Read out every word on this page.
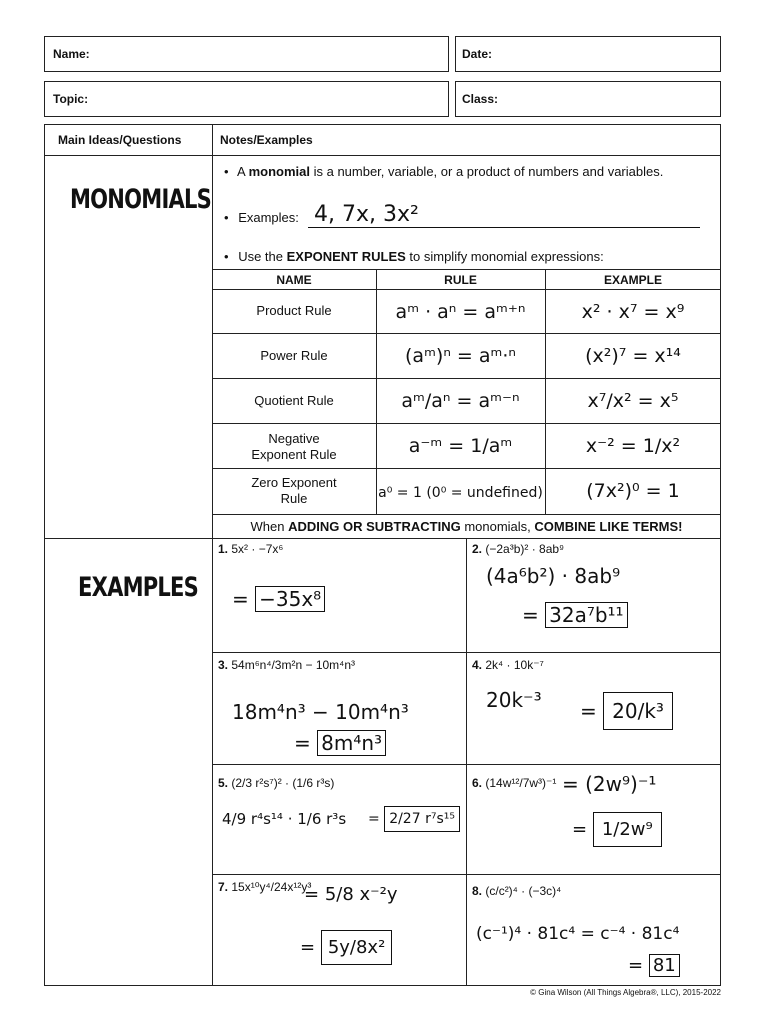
Name:	Date:
Topic:	Class:
Main Ideas/Questions	Notes/Examples
MONOMIALS
• A monomial is a number, variable, or a product of numbers and variables.
• Examples: 4, 7x, 3x²
• Use the EXPONENT RULES to simplify monomial expressions:
NAME	RULE	EXAMPLE
Product Rule	aᵐ · aⁿ = aᵐ⁺ⁿ	x² · x⁷ = x⁹
Power Rule	(aᵐ)ⁿ = aᵐ·ⁿ	(x²)⁷ = x¹⁴
Quotient Rule	aᵐ/aⁿ = aᵐ⁻ⁿ	x⁷/x² = x⁵
Negative Exponent Rule	a⁻ᵐ = 1/aᵐ	x⁻² = 1/x²
Zero Exponent Rule	a⁰ = 1 (0⁰ = undefined)	(7x²)⁰ = 1
When ADDING OR SUBTRACTING monomials, COMBINE LIKE TERMS!
EXAMPLES
1. 5x² · −7x⁶
= −35x⁸
2. (−2a³b)² · 8ab⁹
(4a⁶b²) · 8ab⁹
= 32a⁷b¹¹
3. 54m⁶n⁴/3m²n − 10m⁴n³
18m⁴n³ − 10m⁴n³
= 8m⁴n³
4. 2k⁴ · 10k⁻⁷
20k⁻³ = 20/k³
5. (2/3 r²s⁷)² · (1/6 r³s)
4/9 r⁴s¹⁴ · 1/6 r³s = 2/27 r⁷s¹⁵
6. (14w¹²/7w³)⁻¹ = (2w⁹)⁻¹
= 1/2w⁹
7. 15x¹⁰y⁴/24x¹²y³
= 5/8 x⁻²y
= 5y/8x²
8. (c/c²)⁴ · (−3c)⁴
(c⁻¹)⁴ · 81c⁴ = c⁻⁴ · 81c⁴
= 81
© Gina Wilson (All Things Algebra®, LLC), 2015-2022
